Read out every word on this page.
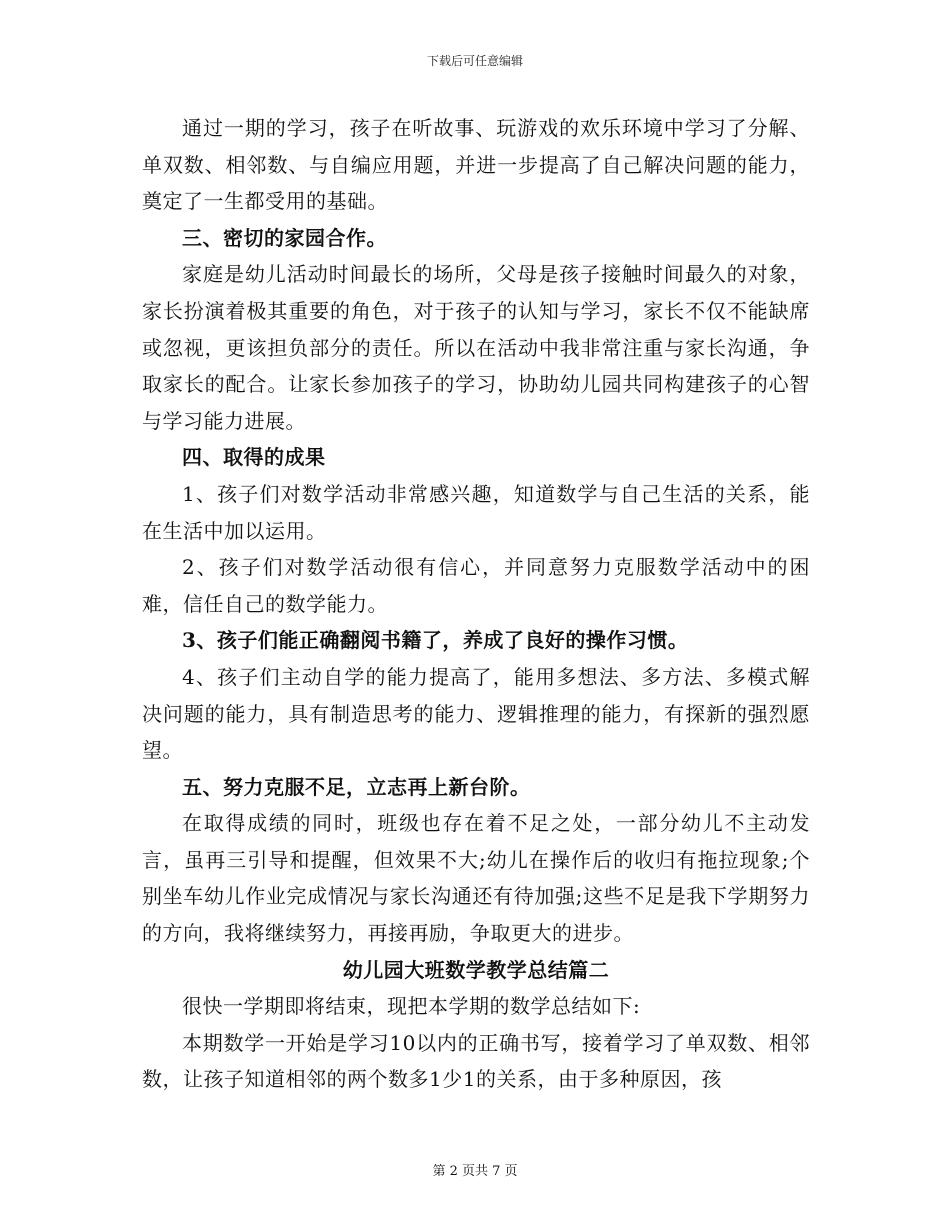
下载后可任意编辑

通过一期的学习，孩子在听故事、玩游戏的欢乐环境中学习了分解、单双数、相邻数、与自编应用题，并进一步提高了自己解决问题的能力，奠定了一生都受用的基础。

三、密切的家园合作。

家庭是幼儿活动时间最长的场所，父母是孩子接触时间最久的对象，家长扮演着极其重要的角色，对于孩子的认知与学习，家长不仅不能缺席或忽视，更该担负部分的责任。所以在活动中我非常注重与家长沟通，争取家长的配合。让家长参加孩子的学习，协助幼儿园共同构建孩子的心智与学习能力进展。

四、取得的成果

1、孩子们对数学活动非常感兴趣，知道数学与自己生活的关系，能在生活中加以运用。

2、孩子们对数学活动很有信心，并同意努力克服数学活动中的困难，信任自己的数学能力。

3、孩子们能正确翻阅书籍了，养成了良好的操作习惯。

4、孩子们主动自学的能力提高了，能用多想法、多方法、多模式解决问题的能力，具有制造思考的能力、逻辑推理的能力，有探新的强烈愿望。

五、努力克服不足，立志再上新台阶。

在取得成绩的同时，班级也存在着不足之处，一部分幼儿不主动发言，虽再三引导和提醒，但效果不大;幼儿在操作后的收归有拖拉现象;个别坐车幼儿作业完成情况与家长沟通还有待加强;这些不足是我下学期努力的方向，我将继续努力，再接再励，争取更大的进步。

幼儿园大班数学教学总结篇二

很快一学期即将结束，现把本学期的数学总结如下:

本期数学一开始是学习10以内的正确书写，接着学习了单双数、相邻数，让孩子知道相邻的两个数多1少1的关系，由于多种原因，孩

第 2 页共 7 页
